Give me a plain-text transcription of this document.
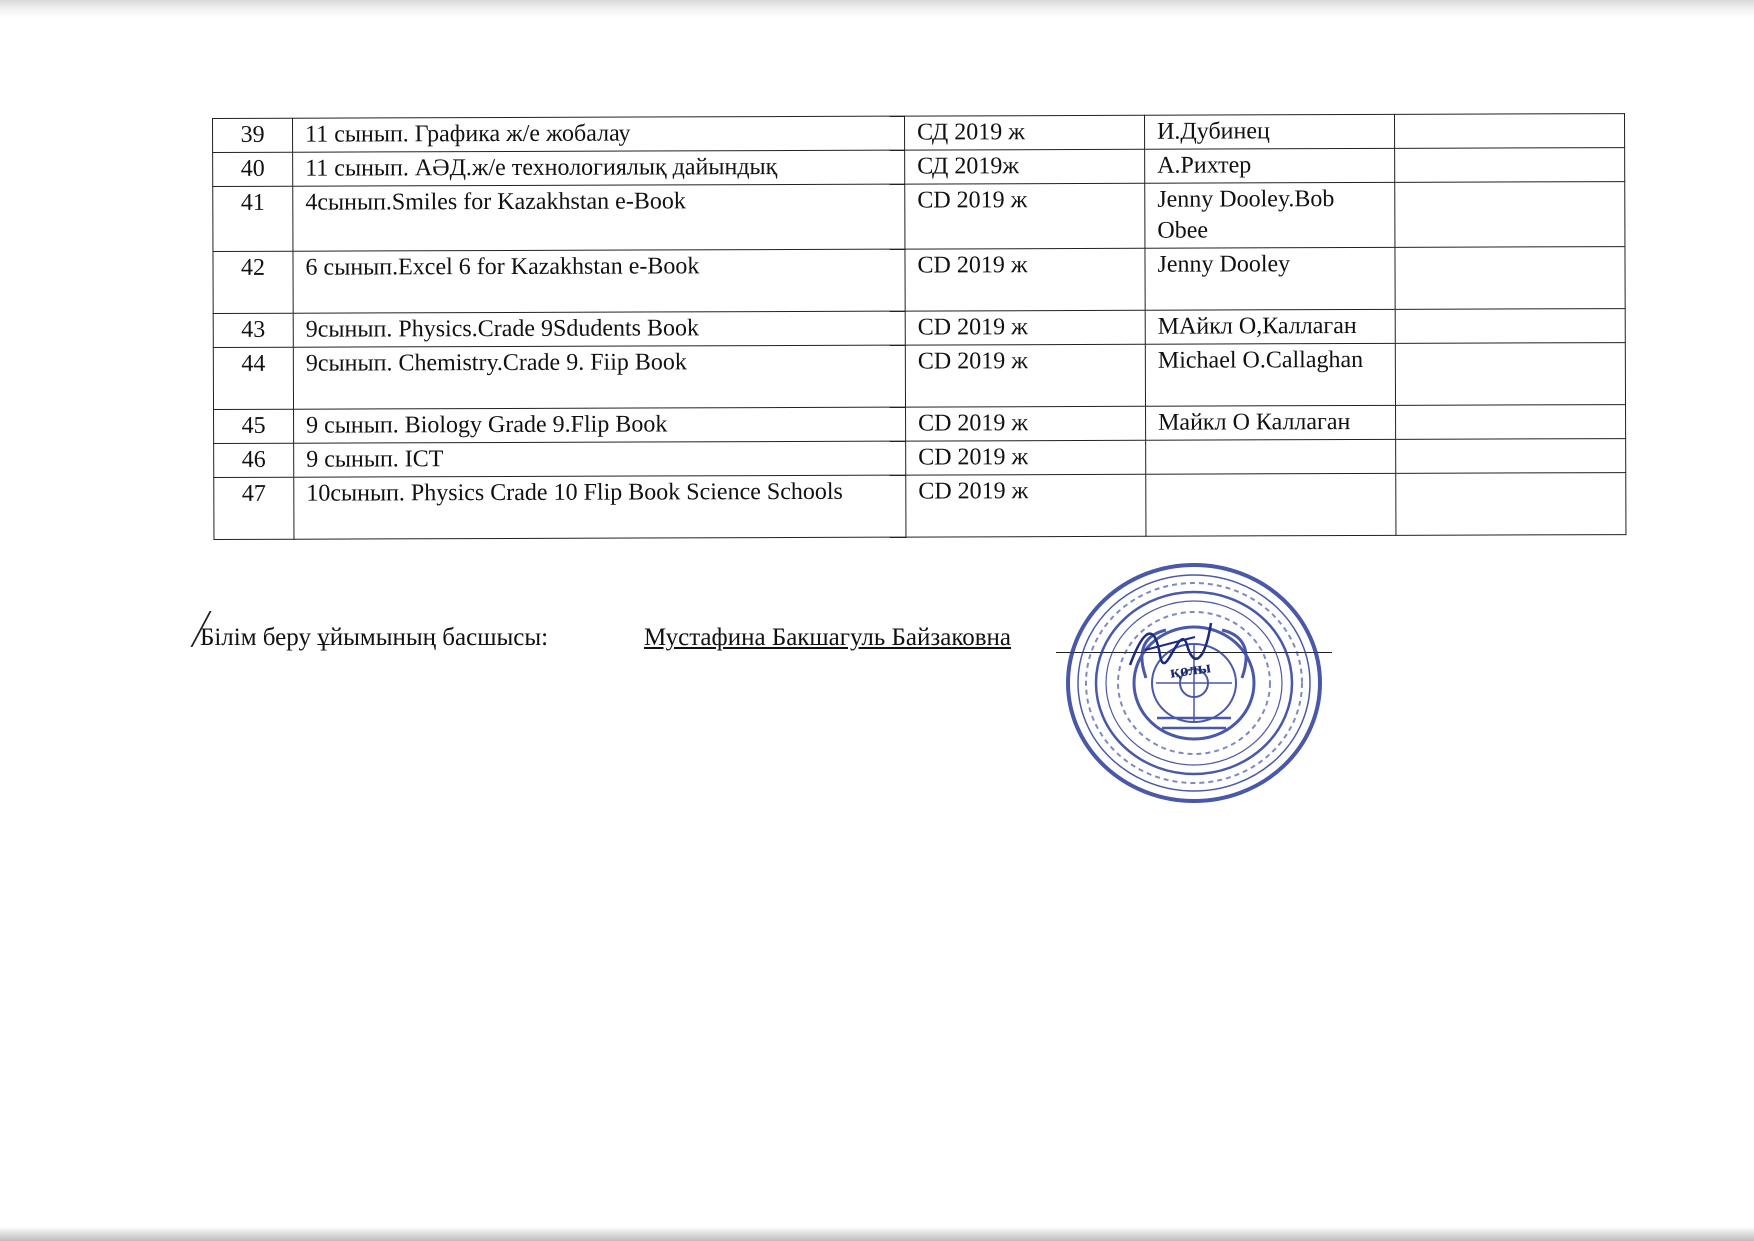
39	11 сынып. Графика ж/е жобалау	СД 2019 ж	И.Дубинец	
40	11 сынып. АӘД.ж/е технологиялық дайындық	СД 2019ж	А.Рихтер	
41	4сынып.Smiles for Kazakhstan e-Book	CD 2019 ж	Jenny Dooley.Bob Obee	
42	6 сынып.Excel 6 for Kazakhstan e-Book	CD 2019 ж	Jenny Dooley	
43	9сынып. Physics.Crade 9Sdudents Book	CD 2019 ж	МАйкл О,Каллаган	
44	9сынып. Chemistry.Crade 9. Fiip Book	CD 2019 ж	Michael O.Callaghan	
45	9 сынып. Biology Grade 9.Flip Book	CD 2019 ж	Майкл О Каллаган	
46	9 сынып. ICT	CD 2019 ж		
47	10сынып. Physics Crade 10 Flip Book Science Schools	CD 2019 ж		
Білім беру ұйымының басшысы:	Мустафина Бакшагуль Байзаковна
қолы
